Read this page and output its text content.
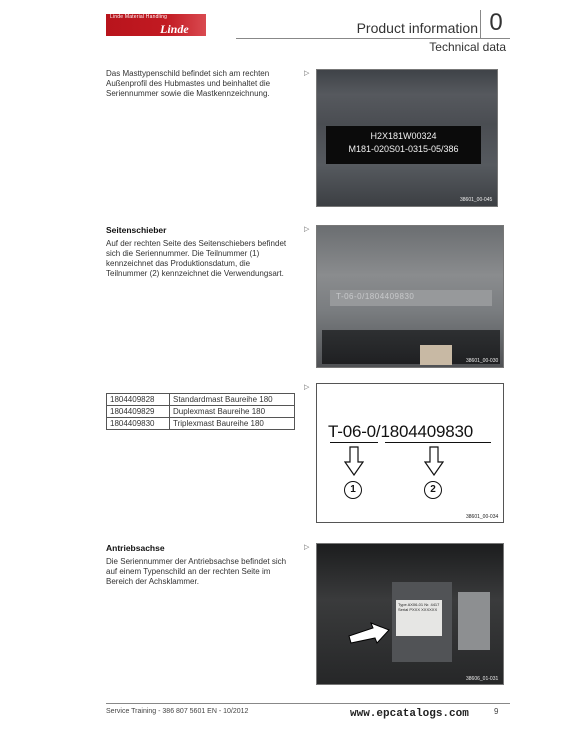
Linde Material Handling
Linde	Product information 0
Technical data
Das Masttypenschild befindet sich am rechten Außenprofil des Hubmastes und beinhaltet die Seriennummer sowie die Mastkennzeichnung.
▷
H2X181W00324
M181-020S01-0315-05/386
38601_00-045
Seitenschieber
Auf der rechten Seite des Seitenschiebers befindet sich die Seriennummer. Die Teilnummer (1) kennzeichnet das Produktionsdatum, die Teilnummer (2) kennzeichnet die Verwendungsart.
▷
T-06-0/1804409830
38601_00-030
1804409828	Standardmast Baureihe 180
1804409829	Duplexmast Baureihe 180
1804409830	Triplexmast Baureihe 180
▷
T-06-0/1804409830
1	2
38601_00-034
Antriebsachse
Die Seriennummer der Antriebsachse befindet sich auf einem Typenschild an der rechten Seite im Bereich der Achsklammer.
▷
Type AX06-01 Nr. 4417 Serial PXXX XXXXXX
38606_01-031
Service Training - 386 807 5601 EN - 10/2012	9
www.epcatalogs.com
